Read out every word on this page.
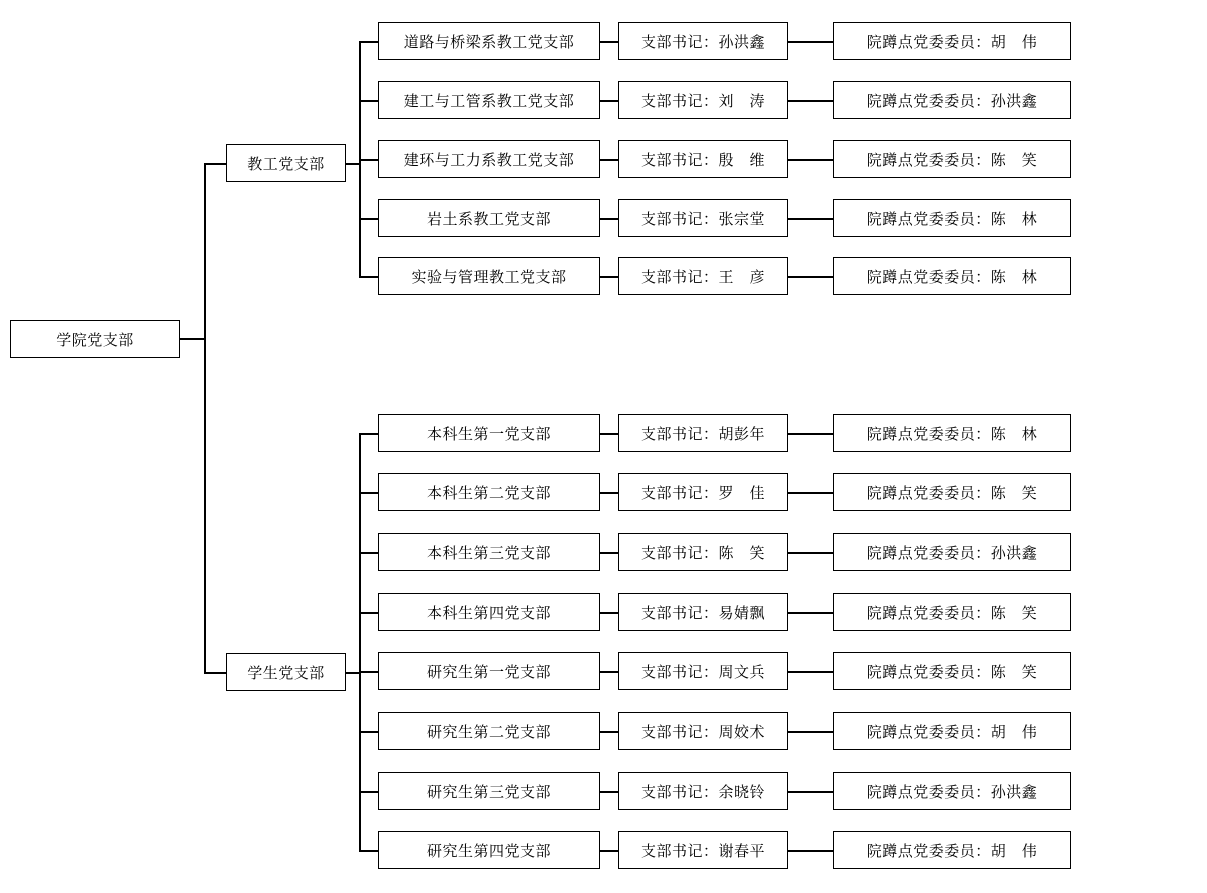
学院党支部
教工党支部
道路与桥梁系教工党支部	支部书记：孙洪鑫	院蹲点党委委员：胡　伟
建工与工管系教工党支部	支部书记：刘　涛	院蹲点党委委员：孙洪鑫
建环与工力系教工党支部	支部书记：殷　维	院蹲点党委委员：陈　笑
岩土系教工党支部	支部书记：张宗堂	院蹲点党委委员：陈　林
实验与管理教工党支部	支部书记：王　彦	院蹲点党委委员：陈　林
学生党支部
本科生第一党支部	支部书记：胡彭年	院蹲点党委委员：陈　林
本科生第二党支部	支部书记：罗　佳	院蹲点党委委员：陈　笑
本科生第三党支部	支部书记：陈　笑	院蹲点党委委员：孙洪鑫
本科生第四党支部	支部书记：易婧飘	院蹲点党委委员：陈　笑
研究生第一党支部	支部书记：周文兵	院蹲点党委委员：陈　笑
研究生第二党支部	支部书记：周姣术	院蹲点党委委员：胡　伟
研究生第三党支部	支部书记：余晓铃	院蹲点党委委员：孙洪鑫
研究生第四党支部	支部书记：谢春平	院蹲点党委委员：胡　伟
